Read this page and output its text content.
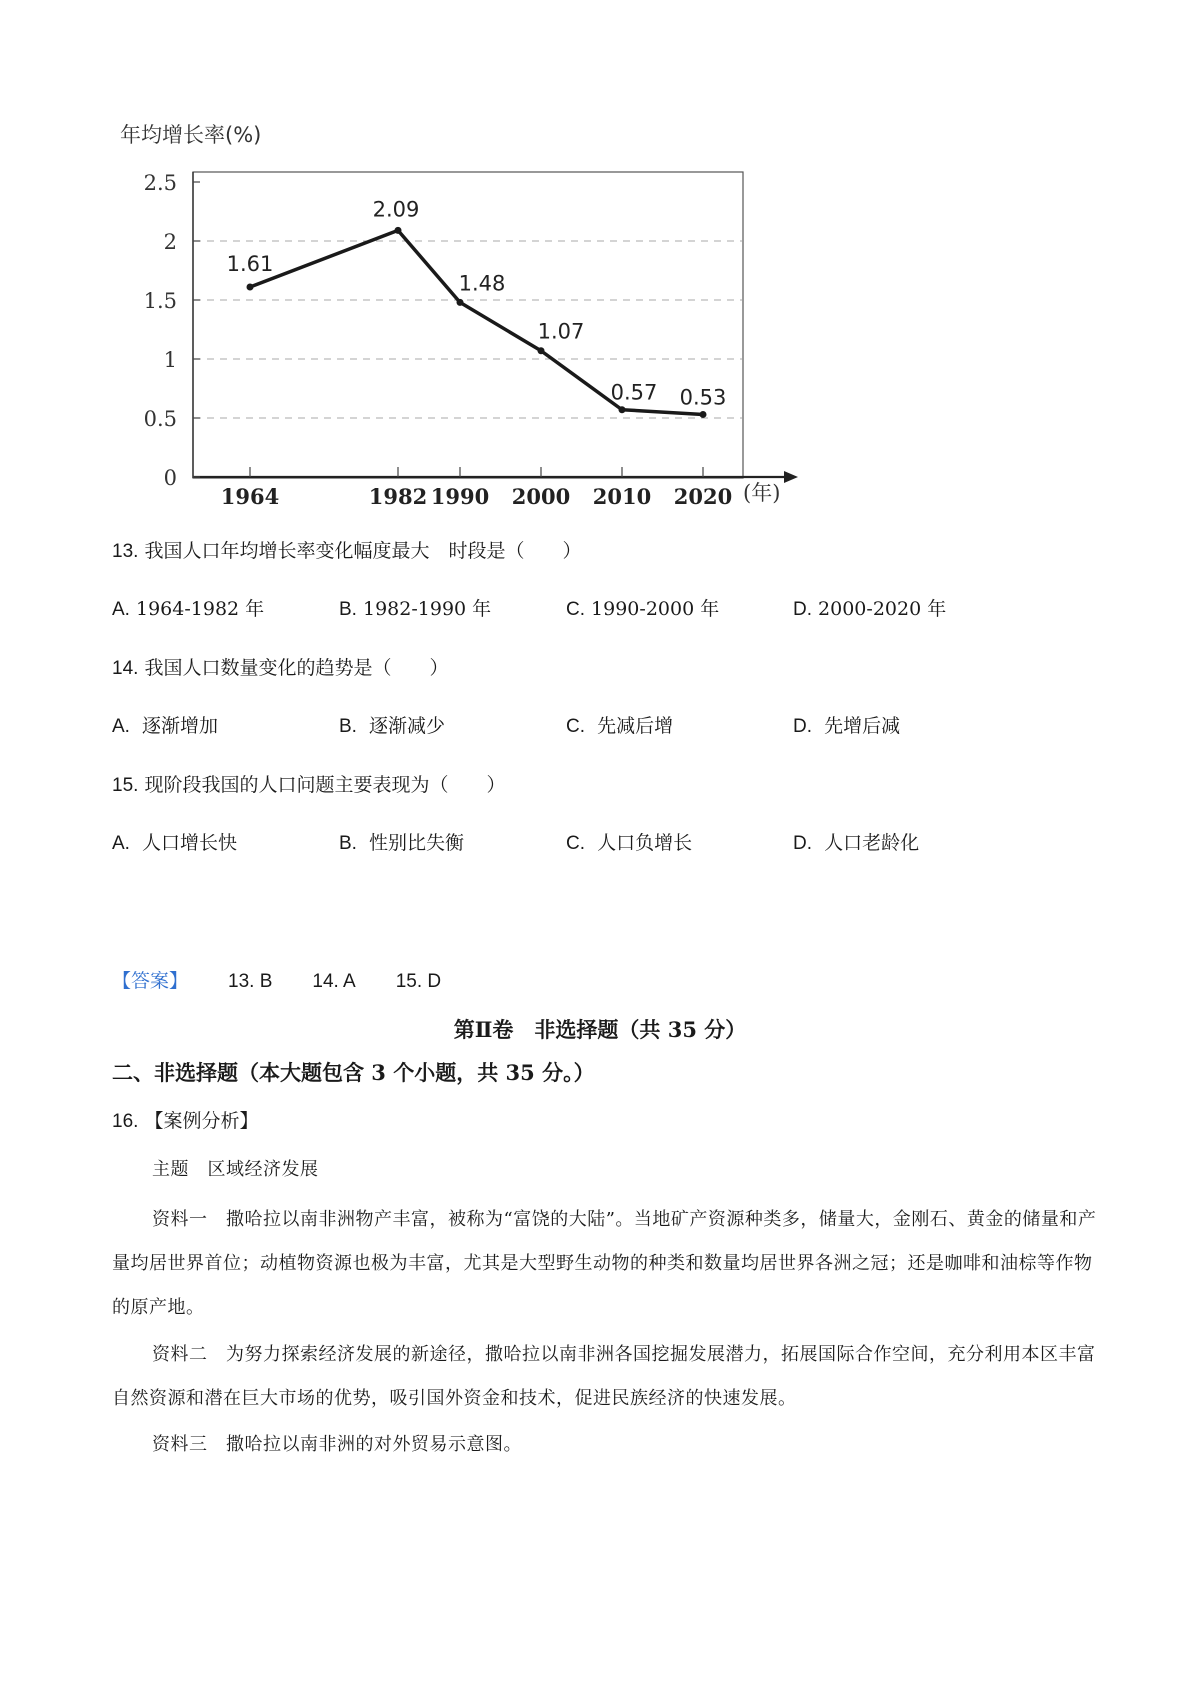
年均增长率(%)
0
0.5
1
1.5
2
2.5
1964	1982 1990 2000 2010 2020
1.61
2.09
1.48
1.07
0.57 0.53
(年)
13. 我国人口年均增长率变化幅度最大　时段是（　　）
A. 1964-1982 年	B. 1982-1990 年	C. 1990-2000 年	D. 2000-2020 年
14. 我国人口数量变化的趋势是（　　）
A. 逐渐增加	B. 逐渐减少	C. 先减后增	D. 先增后减
15. 现阶段我国的人口问题主要表现为（　　）
A. 人口增长快	B. 性别比失衡	C. 人口负增长	D. 人口老龄化
【答案】 13. B 14. A 15. D
第Ⅱ卷　非选择题（共 35 分）
二、非选择题（本大题包含 3 个小题，共 35 分。）
16. 【案例分析】
主题　区域经济发展
资料一　撒哈拉以南非洲物产丰富，被称为“富饶的大陆”。当地矿产资源种类多，储量大，金刚石、黄金的储量和产量均居世界首位；动植物资源也极为丰富，尤其是大型野生动物的种类和数量均居世界各洲之冠；还是咖啡和油棕等作物的原产地。
资料二　为努力探索经济发展的新途径，撒哈拉以南非洲各国挖掘发展潜力，拓展国际合作空间，充分利用本区丰富自然资源和潜在巨大市场的优势，吸引国外资金和技术，促进民族经济的快速发展。
资料三　撒哈拉以南非洲的对外贸易示意图。
